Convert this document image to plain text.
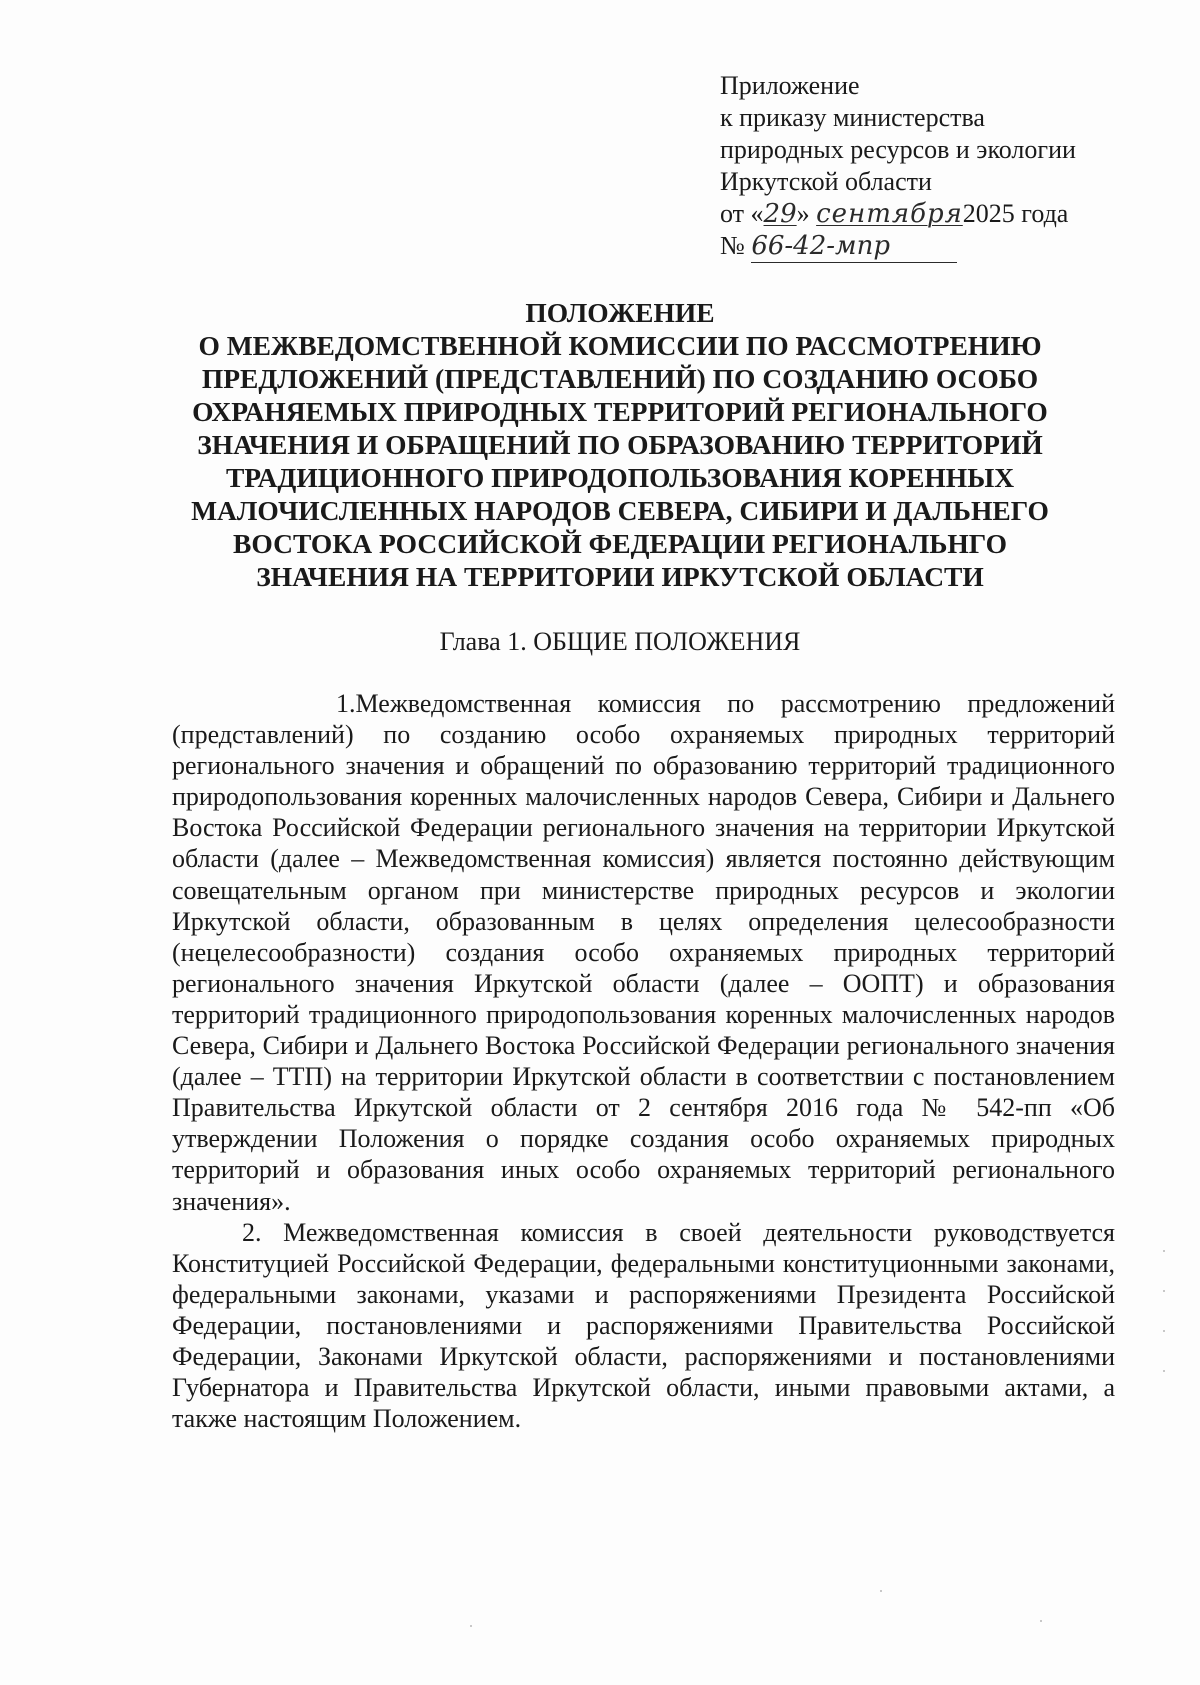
Приложение
к приказу министерства
природных ресурсов и экологии
Иркутской области
от «29» сентября2025 года
№ 66-42-мпр
ПОЛОЖЕНИЕ
О МЕЖВЕДОМСТВЕННОЙ КОМИССИИ ПО РАССМОТРЕНИЮ
ПРЕДЛОЖЕНИЙ (ПРЕДСТАВЛЕНИЙ) ПО СОЗДАНИЮ ОСОБО
ОХРАНЯЕМЫХ ПРИРОДНЫХ ТЕРРИТОРИЙ РЕГИОНАЛЬНОГО
ЗНАЧЕНИЯ И ОБРАЩЕНИЙ ПО ОБРАЗОВАНИЮ ТЕРРИТОРИЙ
ТРАДИЦИОННОГО ПРИРОДОПОЛЬЗОВАНИЯ КОРЕННЫХ
МАЛОЧИСЛЕННЫХ НАРОДОВ СЕВЕРА, СИБИРИ И ДАЛЬНЕГО
ВОСТОКА РОССИЙСКОЙ ФЕДЕРАЦИИ РЕГИОНАЛЬНГО
ЗНАЧЕНИЯ НА ТЕРРИТОРИИ ИРКУТСКОЙ ОБЛАСТИ
Глава 1. ОБЩИЕ ПОЛОЖЕНИЯ

1.Межведомственная комиссия по рассмотрению предложений (представлений) по созданию особо охраняемых природных территорий регионального значения и обращений по образованию территорий традиционного природопользования коренных малочисленных народов Севера, Сибири и Дальнего Востока Российской Федерации регионального значения на территории Иркутской области (далее – Межведомственная комиссия) является постоянно действующим совещательным органом при министерстве природных ресурсов и экологии Иркутской области, образованным в целях определения целесообразности (нецелесообразности) создания особо охраняемых природных территорий регионального значения Иркутской области (далее – ООПТ) и образования территорий традиционного природопользования коренных малочисленных народов Севера, Сибири и Дальнего Востока Российской Федерации регионального значения (далее – ТТП) на территории Иркутской области в соответствии с постановлением Правительства Иркутской области от 2 сентября 2016 года № 542-пп «Об утверждении Положения о порядке создания особо охраняемых природных территорий и образования иных особо охраняемых территорий регионального значения».

2. Межведомственная комиссия в своей деятельности руководствуется Конституцией Российской Федерации, федеральными конституционными законами, федеральными законами, указами и распоряжениями Президента Российской Федерации, постановлениями и распоряжениями Правительства Российской Федерации, Законами Иркутской области, распоряжениями и постановлениями Губернатора и Правительства Иркутской области, иными правовыми актами, а также настоящим Положением.
